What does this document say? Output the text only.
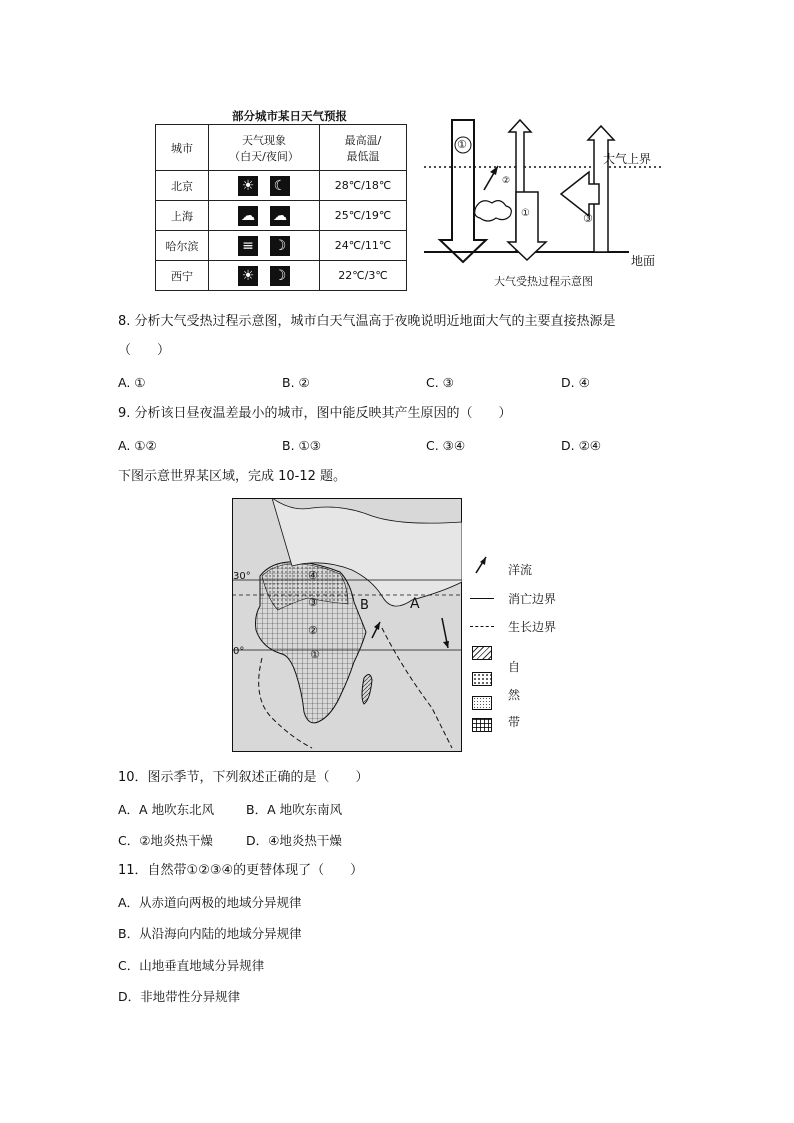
部分城市某日天气预报
城市	天气现象
（白天/夜间）	最高温/
最低温
北京	☀ ☾	28℃/18℃
上海	☁ ☁	25℃/19℃
哈尔滨	≡ ☽	24℃/11℃
西宁	☀ ☽	22℃/3℃
①
②
①	③
大气上界
地面
大气受热过程示意图
8. 分析大气受热过程示意图，城市白天气温高于夜晚说明近地面大气的主要直接热源是
（　　）
A. ①	B. ②	C. ③	D. ④
9. 分析该日昼夜温差最小的城市，图中能反映其产生原因的（　　）
A. ①②	B. ①③	C. ③④	D. ②④
下图示意世界某区域，完成 10-12 题。
30°
0°
④
③
②
①
B	A
洋流
消亡边界
生长边界
自
然
带
10．图示季节，下列叙述正确的是（　　）
A．A 地吹东北风	B．A 地吹东南风
C．②地炎热干燥	D．④地炎热干燥
11．自然带①②③④的更替体现了（　　）
A．从赤道向两极的地域分异规律
B．从沿海向内陆的地域分异规律
C．山地垂直地域分异规律
D．非地带性分异规律
